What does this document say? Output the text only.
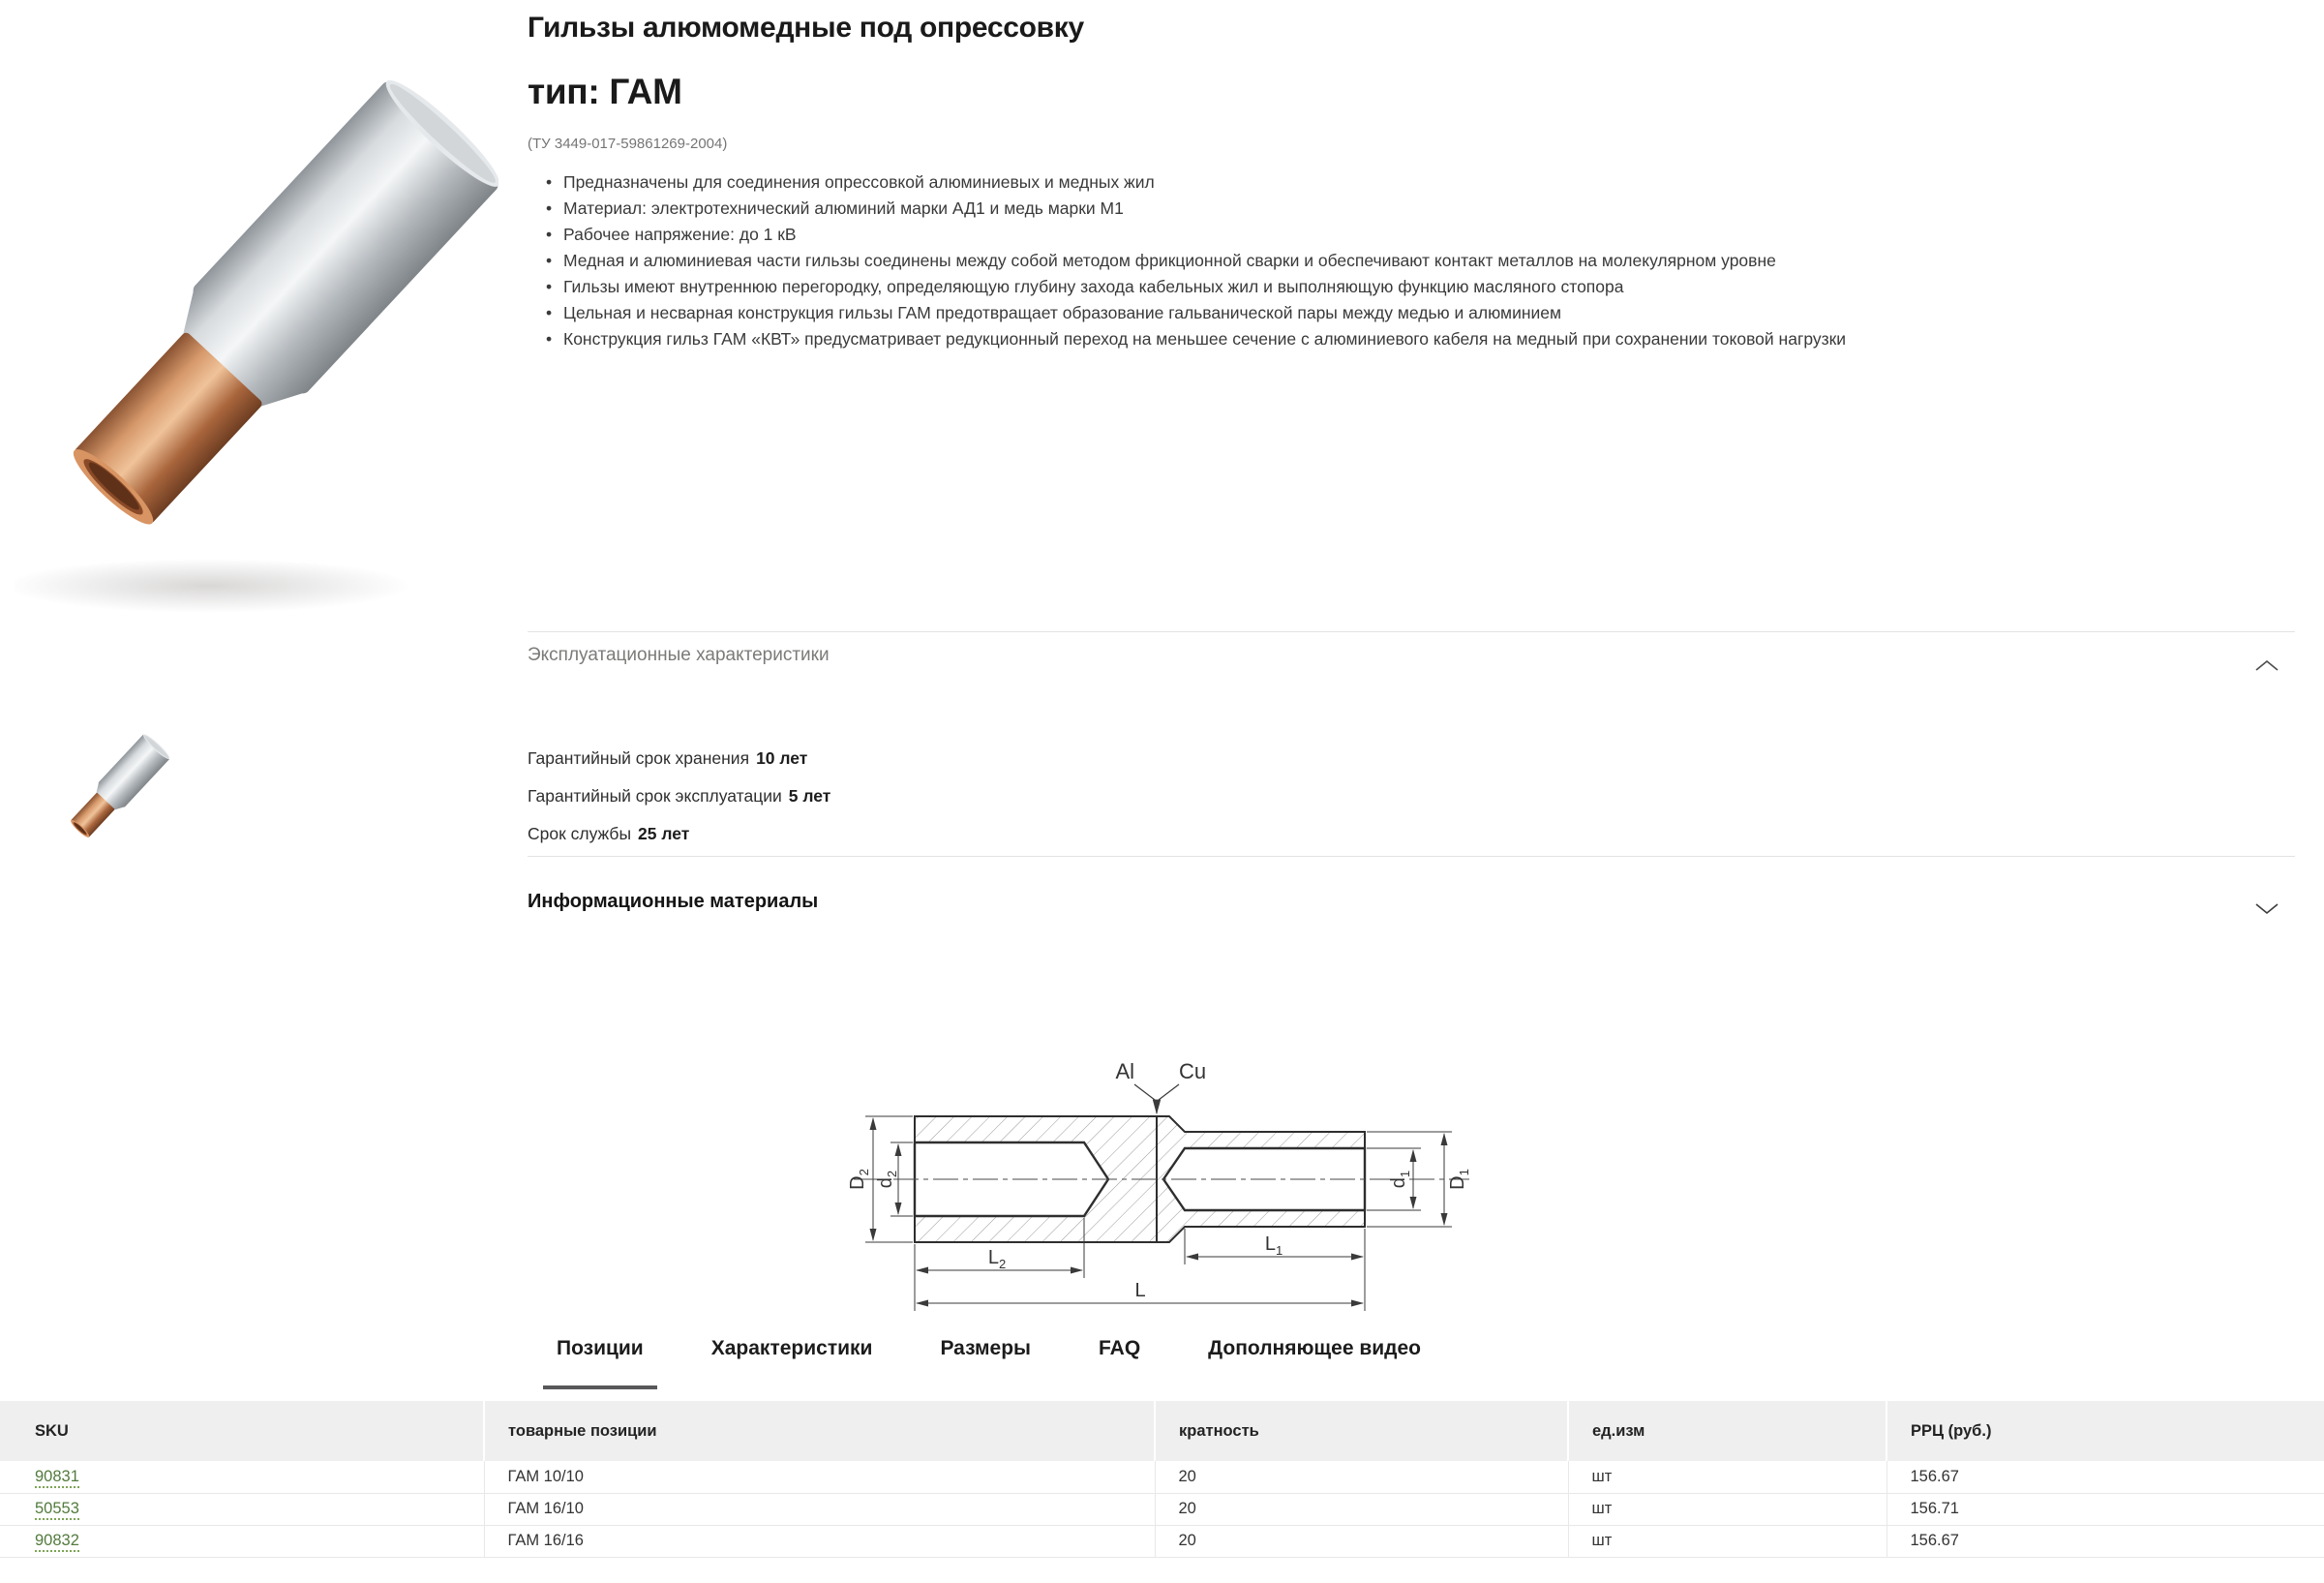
Гильзы алюмомедные под опрессовку
тип: ГАМ
(ТУ 3449-017-59861269-2004)
• Предназначены для соединения опрессовкой алюминиевых и медных жил
• Материал: электротехнический алюминий марки АД1 и медь марки М1
• Рабочее напряжение: до 1 кВ
• Медная и алюминиевая части гильзы соединены между собой методом фрикционной сварки и обеспечивают контакт металлов на молекулярном уровне
• Гильзы имеют внутреннюю перегородку, определяющую глубину захода кабельных жил и выполняющую функцию масляного стопора
• Цельная и несварная конструкция гильзы ГАМ предотвращает образование гальванической пары между медью и алюминием
• Конструкция гильз ГАМ «КВТ» предусматривает редукционный переход на меньшее сечение с алюминиевого кабеля на медный при сохранении токовой нагрузки
Эксплуатационные характеристики
Гарантийный срок хранения 10 лет
Гарантийный срок эксплуатации 5 лет
Срок службы 25 лет
Информационные материалы
Al Cu
$D_2$
$d_2$
$d_1$
$D_1$
$L_2$
$L_1$
L
Позиции	Характеристики	Размеры	FAQ	Дополняющее видео
SKU	товарные позиции	кратность	ед.изм	РРЦ (руб.)
90831	ГАМ 10/10	20	шт	156.67
50553	ГАМ 16/10	20	шт	156.71
90832	ГАМ 16/16	20	шт	156.67
